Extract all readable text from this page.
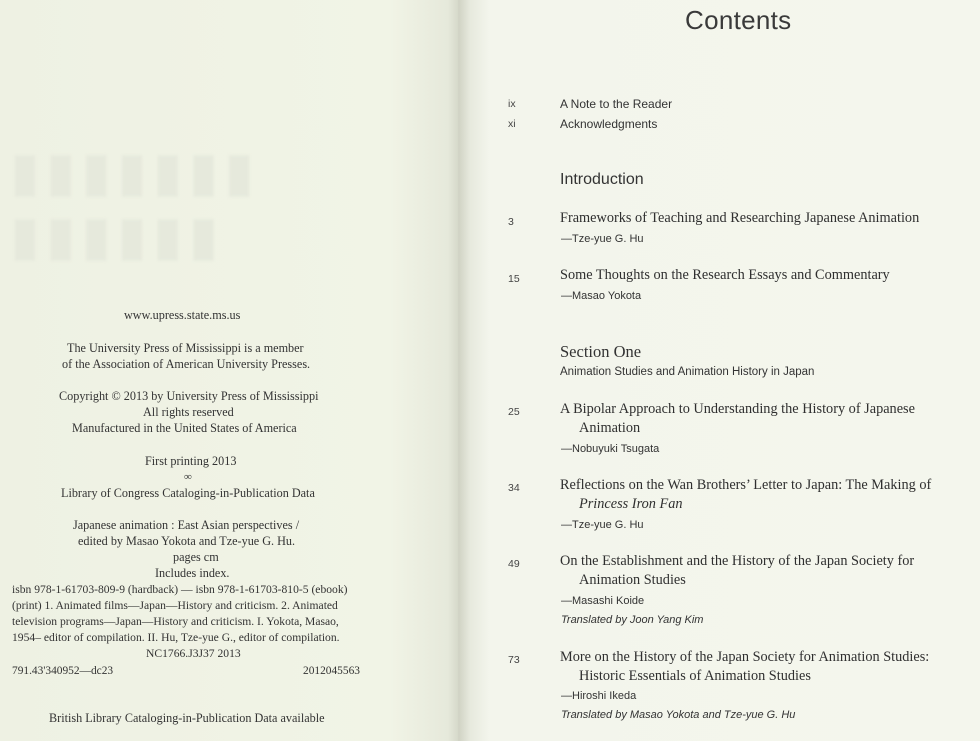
▮▮▮▮▮▮▮
▮▮▮▮▮▮
www.upress.state.ms.us
The University Press of Mississippi is a member
of the Association of American University Presses.
Copyright © 2013 by University Press of Mississippi
All rights reserved
Manufactured in the United States of America
First printing 2013
∞
Library of Congress Cataloging-in-Publication Data
Japanese animation : East Asian perspectives /
edited by Masao Yokota and Tze-yue G. Hu.
pages cm
Includes index.
isbn 978-1-61703-809-9 (hardback) — isbn 978-1-61703-810-5 (ebook)
(print) 1. Animated films—Japan—History and criticism. 2. Animated
television programs—Japan—History and criticism. I. Yokota, Masao,
1954– editor of compilation. II. Hu, Tze-yue G., editor of compilation.
NC1766.J3J37 2013
791.43'340952—dc23	2012045563
British Library Cataloging-in-Publication Data available
Contents
ix	A Note to the Reader
xi	Acknowledgments
Introduction
3	Frameworks of Teaching and Researching Japanese Animation
—Tze-yue G. Hu
15	Some Thoughts on the Research Essays and Commentary
—Masao Yokota
Section One
Animation Studies and Animation History in Japan
25	A Bipolar Approach to Understanding the History of Japanese
Animation
—Nobuyuki Tsugata
34	Reflections on the Wan Brothers’ Letter to Japan: The Making of
Princess Iron Fan
—Tze-yue G. Hu
49	On the Establishment and the History of the Japan Society for
Animation Studies
—Masashi Koide
Translated by Joon Yang Kim
73	More on the History of the Japan Society for Animation Studies:
Historic Essentials of Animation Studies
—Hiroshi Ikeda
Translated by Masao Yokota and Tze-yue G. Hu
